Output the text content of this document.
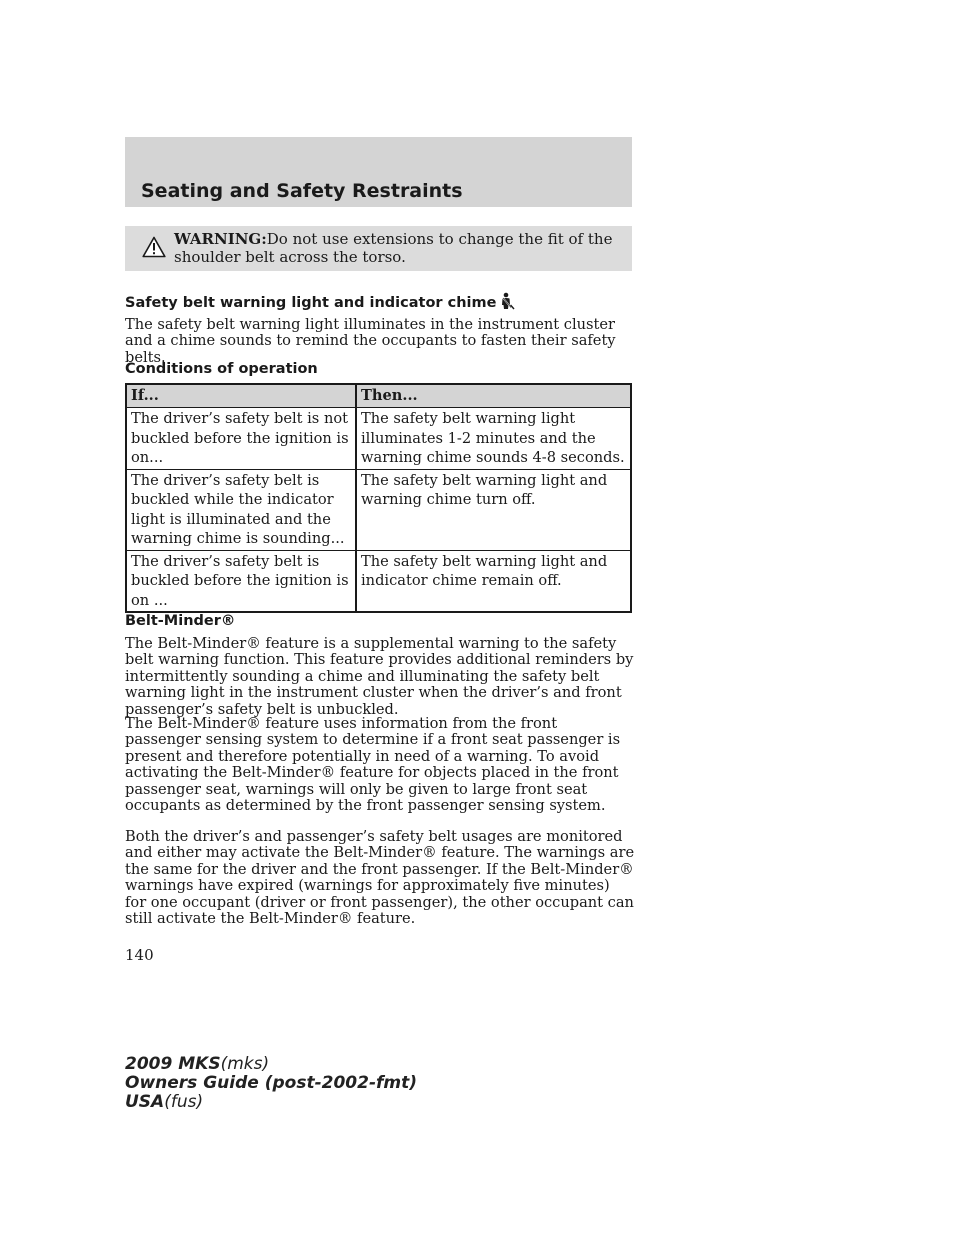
Seating and Safety Restraints
WARNING:Do not use extensions to change the fit of the shoulder belt across the torso.
Safety belt warning light and indicator chime

The safety belt warning light illuminates in the instrument cluster and a chime sounds to remind the occupants to fasten their safety belts.

Conditions of operation
If...	Then...
The driver’s safety belt is not buckled before the ignition is on...	The safety belt warning light illuminates 1-2 minutes and the warning chime sounds 4-8 seconds.
The driver’s safety belt is buckled while the indicator light is illuminated and the warning chime is sounding...	The safety belt warning light and warning chime turn off.
The driver’s safety belt is buckled before the ignition is on ...	The safety belt warning light and indicator chime remain off.
Belt-Minder®

The Belt-Minder® feature is a supplemental warning to the safety belt warning function. This feature provides additional reminders by intermittently sounding a chime and illuminating the safety belt warning light in the instrument cluster when the driver’s and front passenger’s safety belt is unbuckled.

The Belt-Minder® feature uses information from the front passenger sensing system to determine if a front seat passenger is present and therefore potentially in need of a warning. To avoid activating the Belt-Minder® feature for objects placed in the front passenger seat, warnings will only be given to large front seat occupants as determined by the front passenger sensing system.

Both the driver’s and passenger’s safety belt usages are monitored and either may activate the Belt-Minder® feature. The warnings are the same for the driver and the front passenger. If the Belt-Minder® warnings have expired (warnings for approximately five minutes) for one occupant (driver or front passenger), the other occupant can still activate the Belt-Minder® feature.

140
2009 MKS(mks)
Owners Guide (post-2002-fmt)
USA(fus)
